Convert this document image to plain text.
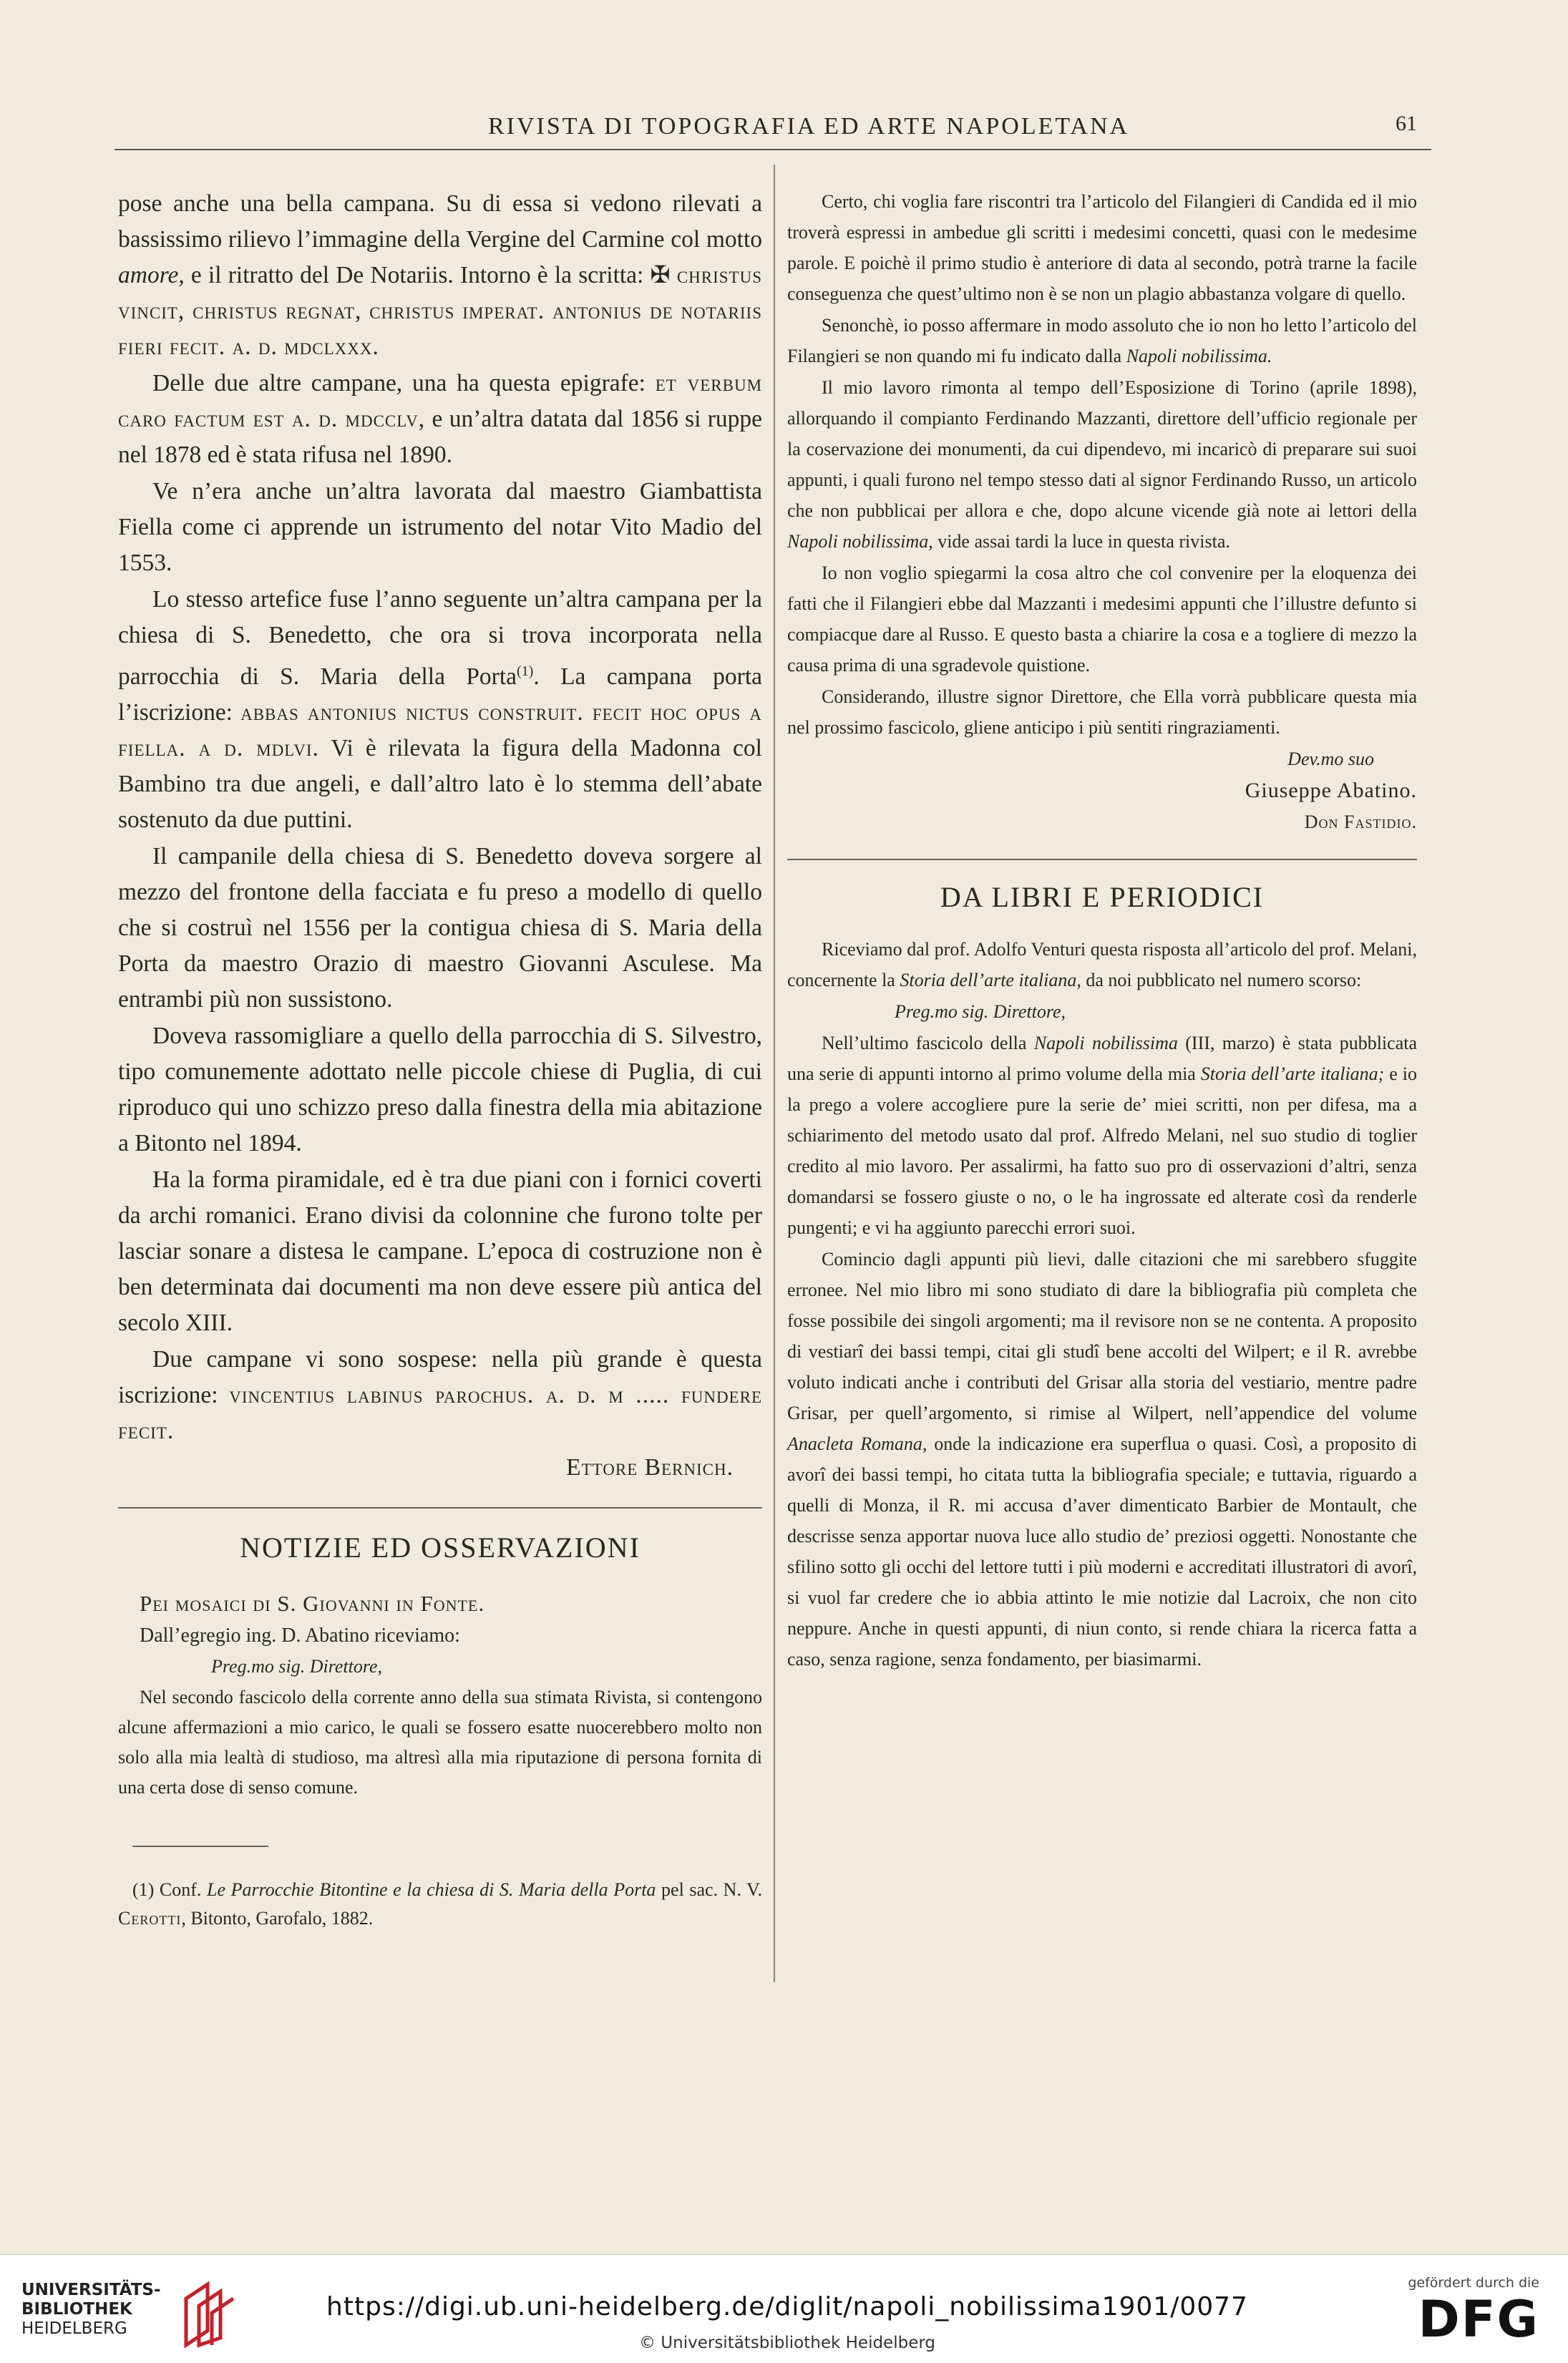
RIVISTA DI TOPOGRAFIA ED ARTE NAPOLETANA	61

pose anche una bella campana. Su di essa si vedono rilevati a bassissimo rilievo l’immagine della Vergine del Carmine col motto amore, e il ritratto del De Notariis. Intorno è la scritta: ✠ christus vincit, christus regnat, christus imperat. antonius de notariis fieri fecit. a. d. mdclxxx.

Delle due altre campane, una ha questa epigrafe: et verbum caro factum est a. d. mdcclv, e un’altra datata dal 1856 si ruppe nel 1878 ed è stata rifusa nel 1890.

Ve n’era anche un’altra lavorata dal maestro Giambattista Fiella come ci apprende un istrumento del notar Vito Madio del 1553.

Lo stesso artefice fuse l’anno seguente un’altra campana per la chiesa di S. Benedetto, che ora si trova incorporata nella parrocchia di S. Maria della Porta$^{(1)}$. La campana porta l’iscrizione: abbas antonius nictus construit. fecit hoc opus a fiella. a d. mdlvi. Vi è rilevata la figura della Madonna col Bambino tra due angeli, e dall’altro lato è lo stemma dell’abate sostenuto da due puttini.

Il campanile della chiesa di S. Benedetto doveva sorgere al mezzo del frontone della facciata e fu preso a modello di quello che si costruì nel 1556 per la contigua chiesa di S. Maria della Porta da maestro Orazio di maestro Giovanni Asculese. Ma entrambi più non sussistono.

Doveva rassomigliare a quello della parrocchia di S. Silvestro, tipo comunemente adottato nelle piccole chiese di Puglia, di cui riproduco qui uno schizzo preso dalla finestra della mia abitazione a Bitonto nel 1894.

Ha la forma piramidale, ed è tra due piani con i fornici coverti da archi romanici. Erano divisi da colonnine che furono tolte per lasciar sonare a distesa le campane. L’epoca di costruzione non è ben determinata dai documenti ma non deve essere più antica del secolo XIII.

Due campane vi sono sospese: nella più grande è questa iscrizione: vincentius labinus parochus. a. d. m ..... fundere fecit.

Ettore Bernich.

NOTIZIE ED OSSERVAZIONI

Pei mosaici di S. Giovanni in Fonte.

Dall’egregio ing. D. Abatino riceviamo:

Preg.mo sig. Direttore,

Nel secondo fascicolo della corrente anno della sua stimata Rivista, si contengono alcune affermazioni a mio carico, le quali se fossero esatte nuocerebbero molto non solo alla mia lealtà di studioso, ma altresì alla mia riputazione di persona fornita di una certa dose di senso comune.

(1) Conf. Le Parrocchie Bitontine e la chiesa di S. Maria della Porta pel sac. N. V. Cerotti, Bitonto, Garofalo, 1882.

Certo, chi voglia fare riscontri tra l’articolo del Filangieri di Candida ed il mio troverà espressi in ambedue gli scritti i medesimi concetti, quasi con le medesime parole. E poichè il primo studio è anteriore di data al secondo, potrà trarne la facile conseguenza che quest’ultimo non è se non un plagio abbastanza volgare di quello.

Senonchè, io posso affermare in modo assoluto che io non ho letto l’articolo del Filangieri se non quando mi fu indicato dalla Napoli nobilissima.

Il mio lavoro rimonta al tempo dell’Esposizione di Torino (aprile 1898), allorquando il compianto Ferdinando Mazzanti, direttore dell’ufficio regionale per la coservazione dei monumenti, da cui dipendevo, mi incaricò di preparare sui suoi appunti, i quali furono nel tempo stesso dati al signor Ferdinando Russo, un articolo che non pubblicai per allora e che, dopo alcune vicende già note ai lettori della Napoli nobilissima, vide assai tardi la luce in questa rivista.

Io non voglio spiegarmi la cosa altro che col convenire per la eloquenza dei fatti che il Filangieri ebbe dal Mazzanti i medesimi appunti che l’illustre defunto si compiacque dare al Russo. E questo basta a chiarire la cosa e a togliere di mezzo la causa prima di una sgradevole quistione.

Considerando, illustre signor Direttore, che Ella vorrà pubblicare questa mia nel prossimo fascicolo, gliene anticipo i più sentiti ringraziamenti.

Dev.mo suo

Giuseppe Abatino.

Don Fastidio.

DA LIBRI E PERIODICI

Riceviamo dal prof. Adolfo Venturi questa risposta all’articolo del prof. Melani, concernente la Storia dell’arte italiana, da noi pubblicato nel numero scorso:

Preg.mo sig. Direttore,

Nell’ultimo fascicolo della Napoli nobilissima (III, marzo) è stata pubblicata una serie di appunti intorno al primo volume della mia Storia dell’arte italiana; e io la prego a volere accogliere pure la serie de’ miei scritti, non per difesa, ma a schiarimento del metodo usato dal prof. Alfredo Melani, nel suo studio di toglier credito al mio lavoro. Per assalirmi, ha fatto suo pro di osservazioni d’altri, senza domandarsi se fossero giuste o no, o le ha ingrossate ed alterate così da renderle pungenti; e vi ha aggiunto parecchi errori suoi.

Comincio dagli appunti più lievi, dalle citazioni che mi sarebbero sfuggite erronee. Nel mio libro mi sono studiato di dare la bibliografia più completa che fosse possibile dei singoli argomenti; ma il revisore non se ne contenta. A proposito di vestiarî dei bassi tempi, citai gli studî bene accolti del Wilpert; e il R. avrebbe voluto indicati anche i contributi del Grisar alla storia del vestiario, mentre padre Grisar, per quell’argomento, si rimise al Wilpert, nell’appendice del volume Anacleta Romana, onde la indicazione era superflua o quasi. Così, a proposito di avorî dei bassi tempi, ho citata tutta la bibliografia speciale; e tuttavia, riguardo a quelli di Monza, il R. mi accusa d’aver dimenticato Barbier de Montault, che descrisse senza apportar nuova luce allo studio de’ preziosi oggetti. Nonostante che sfilino sotto gli occhi del lettore tutti i più moderni e accreditati illustratori di avorî, si vuol far credere che io abbia attinto le mie notizie dal Lacroix, che non cito neppure. Anche in questi appunti, di niun conto, si rende chiara la ricerca fatta a caso, senza ragione, senza fondamento, per biasimarmi.

UNIVERSITÄTS-
BIBLIOTHEK
HEIDELBERG
https://digi.ub.uni-heidelberg.de/diglit/napoli_nobilissima1901/0077
© Universitätsbibliothek Heidelberg
gefördert durch die
DFG
